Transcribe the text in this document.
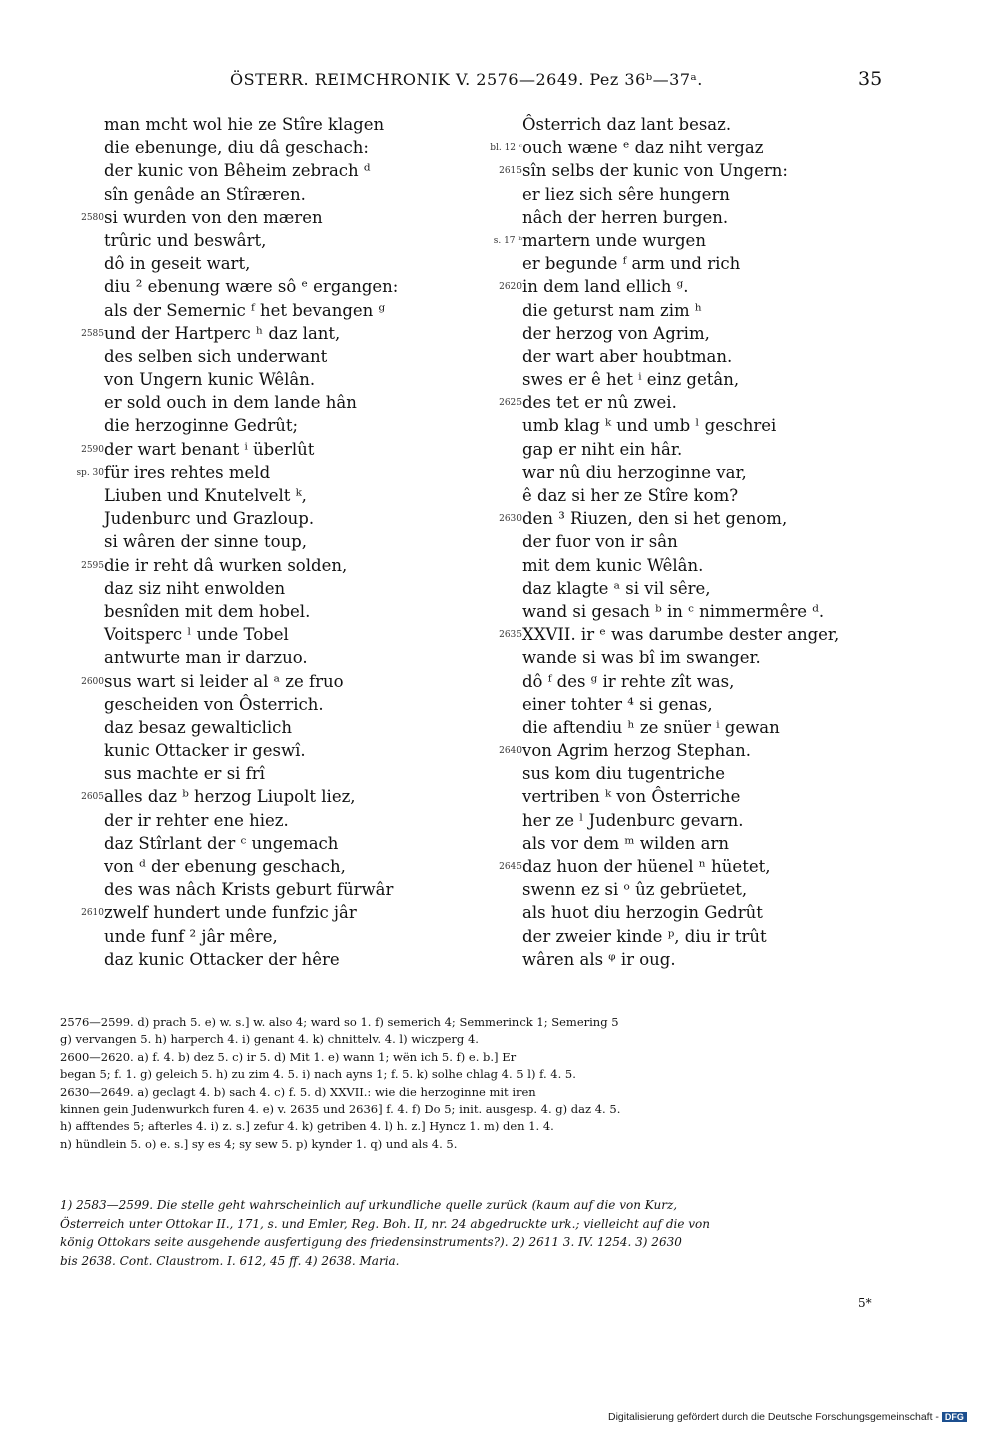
ÖSTERR. REIMCHRONIK V. 2576—2649. Pez 36ᵇ—37ᵃ.	35
man mcht wol hie ze Stîre klagen
die ebenunge, diu dâ geschach:
der kunic von Bêheim zebrach ᵈ
sîn genâde an Stîræren.
2580 si wurden von den mæren
trûric und beswârt,
dô in geseit wart,
diu ² ebenung wære sô ᵉ ergangen:
als der Semernic ᶠ het bevangen ᵍ
2585 und der Hartperc ʰ daz lant,
des selben sich underwant
von Ungern kunic Wêlân.
er sold ouch in dem lande hân
die herzoginne Gedrût;
2590 der wart benant ⁱ überlût
sp. 30 für ires rehtes meld
Liuben und Knutelvelt ᵏ,
Judenburc und Grazloup.
si wâren der sinne toup,
2595 die ir reht dâ wurken solden,
daz siz niht enwolden
besnîden mit dem hobel.
Voitsperc ˡ unde Tobel
antwurte man ir darzuo.
2600 sus wart si leider al ᵃ ze fruo
gescheiden von Ôsterrich.
daz besaz gewalticlich
kunic Ottacker ir geswî.
sus machte er si frî
2605 alles daz ᵇ herzog Liupolt liez,
der ir rehter ene hiez.
daz Stîrlant der ᶜ ungemach
von ᵈ der ebenung geschach,
des was nâch Krists geburt fürwâr
2610 zwelf hundert unde funfzic jâr
unde funf ² jâr mêre,
daz kunic Ottacker der hêre
Ôsterrich daz lant besaz.
bl. 12 ᶜ ouch wæne ᵉ daz niht vergaz
2615 sîn selbs der kunic von Ungern:
er liez sich sêre hungern
nâch der herren burgen.
s. 17 ᵇ martern unde wurgen
er begunde ᶠ arm und rich
2620 in dem land ellich ᵍ.
die geturst nam zim ʰ
der herzog von Agrim,
der wart aber houbtman.
swes er ê het ⁱ einz getân,
2625 des tet er nû zwei.
umb klag ᵏ und umb ˡ geschrei
gap er niht ein hâr.
war nû diu herzoginne var,
ê daz si her ze Stîre kom?
2630 den ³ Riuzen, den si het genom,
der fuor von ir sân
mit dem kunic Wêlân.
daz klagte ᵃ si vil sêre,
wand si gesach ᵇ in ᶜ nimmermêre ᵈ.
2635 XXVII. ir ᵉ was darumbe dester anger,
wande si was bî im swanger.
dô ᶠ des ᵍ ir rehte zît was,
einer tohter ⁴ si genas,
die aftendiu ʰ ze snüer ⁱ gewan
2640 von Agrim herzog Stephan.
sus kom diu tugentriche
vertriben ᵏ von Ôsterriche
her ze ˡ Judenburc gevarn.
als vor dem ᵐ wilden arn
2645 daz huon der hüenel ⁿ hüetet,
swenn ez si ᵒ ûz gebrüetet,
als huot diu herzogin Gedrût
der zweier kinde ᵖ, diu ir trût
wâren als ᵠ ir oug.
2576—2599. d) prach 5. e) w. s.] w. also 4; ward so 1. f) semerich 4; Semmerinck 1; Semering 5
g) vervangen 5. h) harperch 4. i) genant 4. k) chnittelv. 4. l) wiczperg 4.
2600—2620. a) f. 4. b) dez 5. c) ir 5. d) Mit 1. e) wann 1; wën ich 5. f) e. b.] Er
began 5; f. 1. g) geleich 5. h) zu zim 4. 5. i) nach ayns 1; f. 5. k) solhe chlag 4. 5 l) f. 4. 5.
2630—2649. a) geclagt 4. b) sach 4. c) f. 5. d) XXVII.: wie die herzoginne mit iren
kinnen gein Judenwurkch furen 4. e) v. 2635 und 2636] f. 4. f) Do 5; init. ausgesp. 4. g) daz 4. 5.
h) afftendes 5; afterles 4. i) z. s.] zefur 4. k) getriben 4. l) h. z.] Hyncz 1. m) den 1. 4.
n) hündlein 5. o) e. s.] sy es 4; sy sew 5. p) kynder 1. q) und als 4. 5.
1) 2583—2599. Die stelle geht wahrscheinlich auf urkundliche quelle zurück (kaum auf die von Kurz,
Österreich unter Ottokar II., 171, s. und Emler, Reg. Boh. II, nr. 24 abgedruckte urk.; vielleicht auf die von
könig Ottokars seite ausgehende ausfertigung des friedensinstruments?). 2) 2611 3. IV. 1254. 3) 2630
bis 2638. Cont. Claustrom. I. 612, 45 ff. 4) 2638. Maria.
5*
Digitalisierung gefördert durch die Deutsche Forschungsgemeinschaft - DFG
